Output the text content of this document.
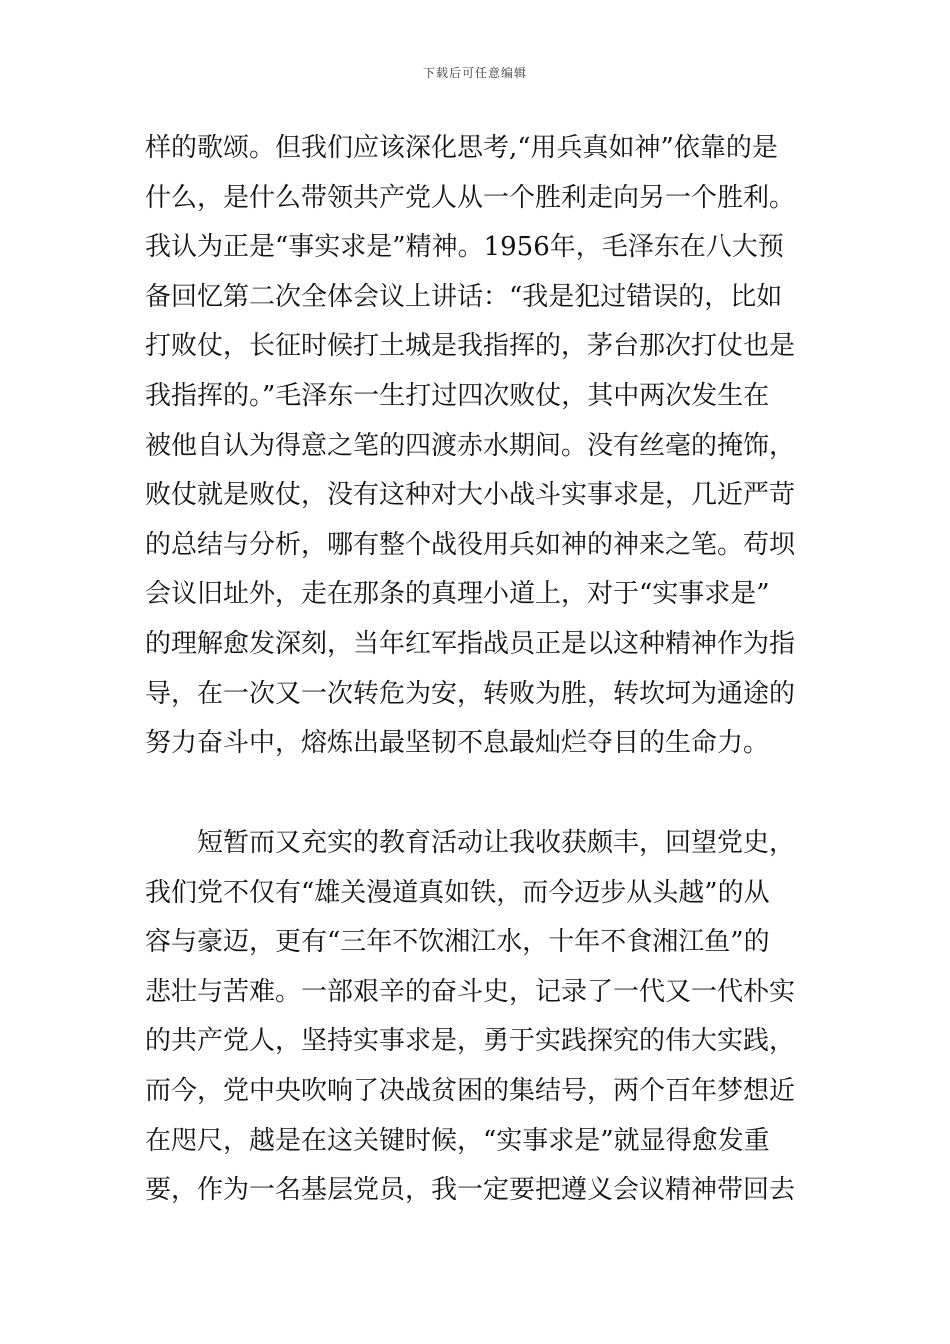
下载后可任意编辑
样的歌颂。但我们应该深化思考,“用兵真如神”依靠的是
什么，是什么带领共产党人从一个胜利走向另一个胜利。
我认为正是“事实求是”精神。1956年，毛泽东在八大预
备回忆第二次全体会议上讲话：“我是犯过错误的，比如
打败仗，长征时候打土城是我指挥的，茅台那次打仗也是
我指挥的。”毛泽东一生打过四次败仗，其中两次发生在
被他自认为得意之笔的四渡赤水期间。没有丝毫的掩饰，
败仗就是败仗，没有这种对大小战斗实事求是，几近严苛
的总结与分析，哪有整个战役用兵如神的神来之笔。苟坝
会议旧址外，走在那条的真理小道上，对于“实事求是”
的理解愈发深刻，当年红军指战员正是以这种精神作为指
导，在一次又一次转危为安，转败为胜，转坎坷为通途的
努力奋斗中，熔炼出最坚韧不息最灿烂夺目的生命力。
　　短暂而又充实的教育活动让我收获颇丰，回望党史，
我们党不仅有“雄关漫道真如铁，而今迈步从头越”的从
容与豪迈，更有“三年不饮湘江水，十年不食湘江鱼”的
悲壮与苦难。一部艰辛的奋斗史，记录了一代又一代朴实
的共产党人，坚持实事求是，勇于实践探究的伟大实践，
而今，党中央吹响了决战贫困的集结号，两个百年梦想近
在咫尺，越是在这关键时候，“实事求是”就显得愈发重
要，作为一名基层党员，我一定要把遵义会议精神带回去
